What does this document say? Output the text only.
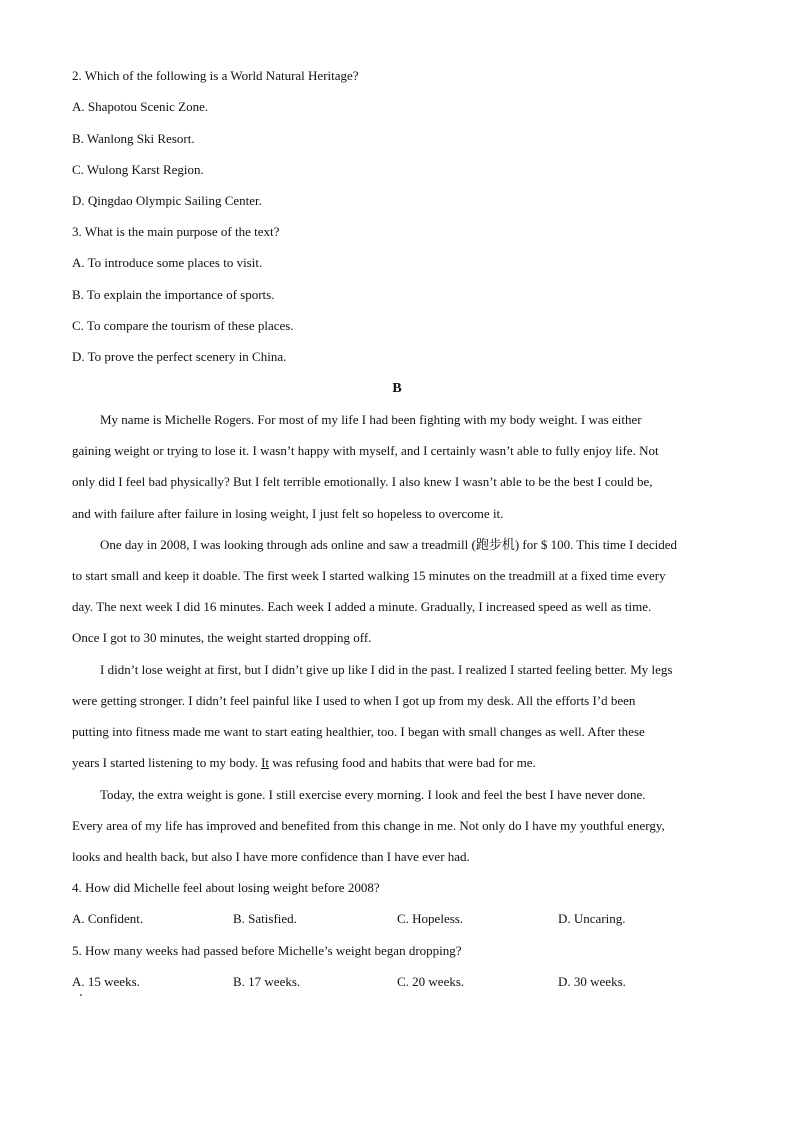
2. Which of the following is a World Natural Heritage?
A. Shapotou Scenic Zone.
B. Wanlong Ski Resort.
C. Wulong Karst Region.
D. Qingdao Olympic Sailing Center.
3. What is the main purpose of the text?
A. To introduce some places to visit.
B. To explain the importance of sports.
C. To compare the tourism of these places.
D. To prove the perfect scenery in China.
B
My name is Michelle Rogers. For most of my life I had been fighting with my body weight. I was either
gaining weight or trying to lose it. I wasn’t happy with myself, and I certainly wasn’t able to fully enjoy life. Not
only did I feel bad physically? But I felt terrible emotionally. I also knew I wasn’t able to be the best I could be,
and with failure after failure in losing weight, I just felt so hopeless to overcome it.
One day in 2008, I was looking through ads online and saw a treadmill (跑步机) for $ 100. This time I decided
to start small and keep it doable. The first week I started walking 15 minutes on the treadmill at a fixed time every
day. The next week I did 16 minutes. Each week I added a minute. Gradually, I increased speed as well as time.
Once I got to 30 minutes, the weight started dropping off.
I didn’t lose weight at first, but I didn’t give up like I did in the past. I realized I started feeling better. My legs
were getting stronger. I didn’t feel painful like I used to when I got up from my desk. All the efforts I’d been
putting into fitness made me want to start eating healthier, too. I began with small changes as well. After these
years I started listening to my body. It was refusing food and habits that were bad for me.
Today, the extra weight is gone. I still exercise every morning. I look and feel the best I have never done.
Every area of my life has improved and benefited from this change in me. Not only do I have my youthful energy,
looks and health back, but also I have more confidence than I have ever had.
4. How did Michelle feel about losing weight before 2008?
A. Confident.	B. Satisfied.	C. Hopeless.	D. Uncaring.
5. How many weeks had passed before Michelle’s weight began dropping?
A. 15 weeks.	B. 17 weeks.	C. 20 weeks.	D. 30 weeks.
